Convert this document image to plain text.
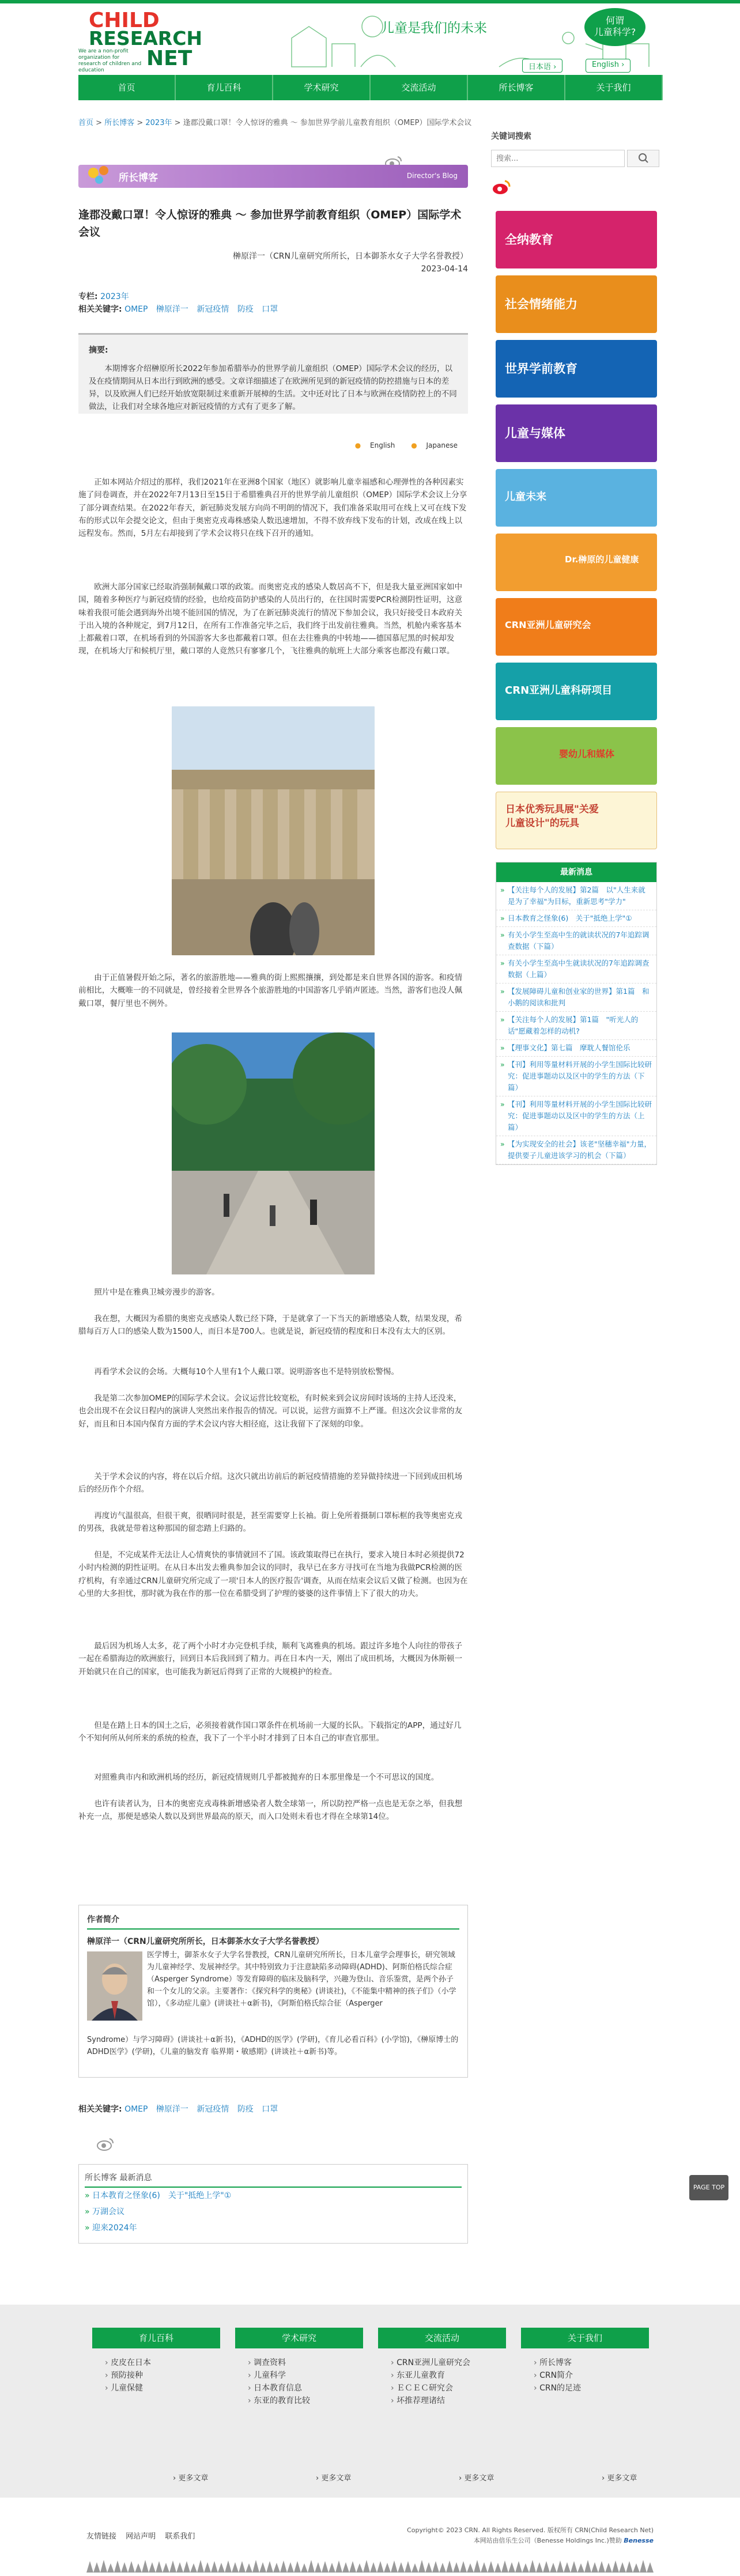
CHILD
RESEARCH
NET
We are a non-profit organization for research of children and education
儿童是我们的未来
何谓
儿童科学?
日本语 ›	English ›
首页	育儿百科	学术研究	交流活动	所长博客	关于我们
首页 > 所长博客 > 2023年 > 逢郡没戴口罩！令人惊讶的雅典 ～ 参加世界学前儿童教育组织（OMEP）国际学术会议
所长博客	Director's Blog
逢郡没戴口罩！令人惊讶的雅典 ～ 参加世界学前教育组织（OMEP）国际学术会议
榊原洋一（CRN儿童研究所所长，日本御茶水女子大学名誉教授）
2023-04-14
专栏: 2023年
相关关键字: OMEP 榊原洋一 新冠疫情 防疫 口罩
摘要:

本期博客介绍榊原所长2022年参加希腊举办的世界学前儿童组织（OMEP）国际学术会议的经历，以及在疫情期间从日本出行到欧洲的感受。文章详细描述了在欧洲所见到的新冠疫情的防控措施与日本的差异，以及欧洲人们已经开始放宽限制过来重新开展樟的生活。文中还对比了日本与欧洲在疫情防控上的不同做法，让我们对全球各地应对新冠疫情的方式有了更多了解。

● English ● Japanese

正如本网站介绍过的那样，我们2021年在亚洲8个国家（地区）就影响儿童幸福感和心理弹性的各种因素实施了问卷调查，并在2022年7月13日至15日于希腊雅典召开的世界学前儿童组织（OMEP）国际学术会议上分享了部分调查结果。在2022年春天，新冠肺炎发展方向尚不明朗的情况下，我们准备采取用可在线上又可在线下发布的形式以年会提交论文，但由于奥密克戎毒株感染人数迅速增加，不得不放弃线下发布的计划，改成在线上以远程发布。然而，5月左右却接到了学术会议将只在线下召开的通知。

欧洲大部分国家已经取消强制佩戴口罩的政策。而奥密克戎的感染人数居高不下，但是我大量亚洲国家如中国，随着多种医疗与新冠疫情的经验，也给疫苗防护感染的人员出行的，在往国时需要PCR检测阴性证明，这意味着我很可能会遇到海外出境不能回国的情况，为了在新冠肺炎流行的情况下参加会议，我只好接受日本政府关于出入境的各种规定，到7月12日，在所有工作准备完毕之后，我们终于出发前往雅典。当然，机舱内乘客基本上都戴着口罩，在机场看到的外国游客大多也都戴着口罩。但在去往雅典的中转地——德国慕尼黑的时候却发现，在机场大厅和候机厅里，戴口罩的人竟然只有寥寥几个，飞往雅典的航班上大部分乘客也都没有戴口罩。

由于正值暑假开始之际，著名的旅游胜地——雅典的街上熙熙攘攘，到处都是来自世界各国的游客。和疫情前相比，大概唯一的不同就是，曾经接着全世界各个旅游胜地的中国游客几乎销声匿迹。当然，游客们也没人佩戴口罩，餐厅里也不例外。

照片中是在雅典卫城旁漫步的游客。

我在想，大概因为希腊的奥密克戎感染人数已经下降，于是就拿了一下当天的新增感染人数，结果发现，希腊每百万人口的感染人数为1500人，而日本是700人。也就是说，新冠疫情的程度和日本没有太大的区别。

再看学术会议的会场。大概每10个人里有1个人戴口罩。说明游客也不是特别放松警惕。

我是第二次参加OMEP的国际学术会议。会议运营比较宽松，有时候来到会议房间时该场的主持人还没来，也会出现不在会议日程内的演讲人突然出来作报告的情况。可以说，运营方面算不上严谨。但这次会议非常的友好，而且和日本国内保育方面的学术会议内容大相径庭，这让我留下了深刻的印象。

关于学术会议的内容，将在以后介绍。这次只就出访前后的新冠疫情措施的差异做持续进一下回到成田机场后的经历作个介绍。

再度访气温很高，但很干爽，很晒同时很是，甚至需要穿上长袖。街上免所着摄制口罩标框的我等奥密克戎的男孩，我就是带着这种那国的留恋踏上归路的。

但是，不完成某件无法让人心情爽快的事情就回不了国。该政策取得已在执行，要求入境日本时必须提供72小时内检测的阴性证明。在从日本出发去雅典参加会议的同时，我早已在多方寻找可在当地为我做PCR检测的医疗机构，有幸通过CRN儿童研究所完成了一项'日本人的医疗报告'调查，从而在结束会议后又做了检测。也因为在心里的大多担忧，那时就为我在作的那一位在希腊受到了护理的婆婆的这件事情上下了很大的功夫。

最后因为机场人太多，花了两个小时才办完登机手续，顺利飞离雅典的机场。跟过许多地个人向往的带孩子一起在希腊海边的欧洲旅行，回到日本后我回到了精力。再在日本内一天，刚出了成田机场，大概因为休斯顿一开始就只在自己的国家，也可能我为新冠后得到了正常的大规模护的检查。

但是在踏上日本的国土之后，必须接着就作国口罩条件在机场前一大厦的长队。下载指定的APP，通过好几个不知何所从何所来的系统的检查，我下了一个半小时才排到了日本自己的审查官那里。

对照雅典市内和欧洲机场的经历，新冠疫情规则几乎都被抛弃的日本那里像是一个不可思议的国度。

也许有读者认为，日本的奥密克戎毒株新增感染者人数全球第一，所以防控严格一点也是无奈之举，但我想补充一点，那便是感染人数以及到世界最高的原天，而入口处则未看也才得在全球第14位。

作者简介
榊原洋一（CRN儿童研究所所长，日本御茶水女子大学名誉教授）
医学博士，御茶水女子大学名誉教授，CRN儿童研究所所长，日本儿童学会理事长，研究领域为儿童神经学、发展神经学。其中特别致力于注意缺陷多动障碍(ADHD)、阿斯伯格氏综合症（Asperger Syndrome）等发育障碍的临床及脑科学，兴趣为登山、音乐鉴赏，是两个孙子和一个女儿的父亲。主要著作：《探究科学的奥秘》(讲谈社)，《不能集中精神的孩子们》（小学馆），《多动症儿童》(讲谈社＋α新书)，《阿斯伯格氏综合征（Asperger
Syndrome）与学习障碍》(讲谈社＋α新书)，《ADHD的医学》(学研)，《育儿必看百科》(小学馆)，《榊原博士的ADHD医学》(学研)，《儿童的脑发育 临界期・敏感期》(讲谈社＋α新书)等。
相关关键字: OMEP 榊原洋一 新冠疫情 防疫 口罩
所长博客 最新消息
» 日本教育之怪象(6)　关于"抵绝上学"①
» 万湖会议
» 迎来2024年
关键词搜索
搜索...
全纳教育
社会情绪能力
世界学前教育
儿童与媒体
儿童未来
Dr.榊原的儿童健康
CRN亚洲儿童研究会
CRN亚洲儿童科研项目
婴幼儿和媒体
日本优秀玩具展"关爱儿童设计"的玩具
最新消息
» 【关注每个人的发展】第2篇　以"人生来就是为了幸福"为目标，重新思考"学力"
» 日本教育之怪象(6)　关于"抵绝上学"①
» 有关小学生至高中生的就读状况的7年追踪调查数据（下篇）
» 有关小学生至高中生就读状况的7年追踪调查数据（上篇）
» 【发展障碍儿童和创业家的世界】第1篇　和小鹅的阅读和批判
» 【关注每个人的发展】第1篇　"听光人的话"愿藏着怎样的动机?
» 【理事文化】第七篇　摩耽人餐馆伦乐
» 【刊】利用等量材料开展的小学生国际比较研究：促进事题动以及区中的学生的方法（下篇）
» 【刊】利用等量材料开展的小学生国际比较研究：促进事题动以及区中的学生的方法（上篇）
» 【为实现安全的社会】该老"坚穗幸福"力量，提供要子儿童进该学习的机会（下篇）
PAGE TOP
育儿百科
› 皮皮在日本
› 预防接种
› 儿童保健
学术研究
› 调查资料
› 儿童科学
› 日本教育信息
› 东亚的教育比较
交流活动
› CRN亚洲儿童研究会
› 东亚儿童教育
› ＥＣＥＣ研究会
› 坏推荐理诸结
关于我们
› 所长博客
› CRN简介
› CRN的足迹
› 更多文章	› 更多文章	› 更多文章	› 更多文章
友情链接 网站声明 联系我们
Copyright© 2023 CRN. All Rights Reserved. 版权所有 CRN(Child Research Net)
本网站由倍乐生公司（Benesse Holdings Inc.)赞助 Benesse
